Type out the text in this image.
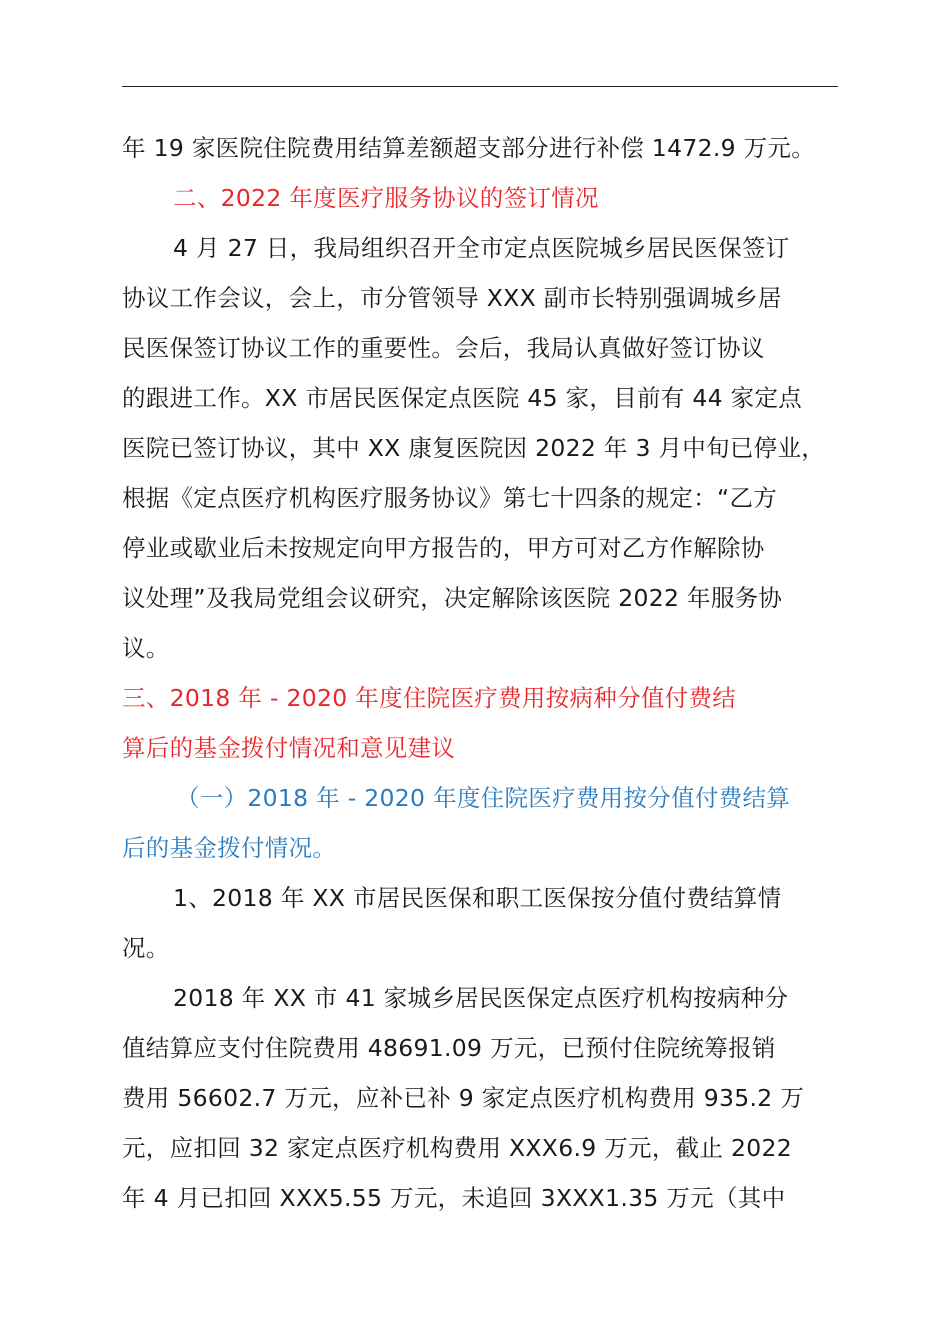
年 19 家医院住院费用结算差额超支部分进行补偿 1472.9 万元。
二、2022 年度医疗服务协议的签订情况
4 月 27 日，我局组织召开全市定点医院城乡居民医保签订
协议工作会议，会上，市分管领导 XXX 副市长特别强调城乡居
民医保签订协议工作的重要性。会后，我局认真做好签订协议
的跟进工作。XX 市居民医保定点医院 45 家，目前有 44 家定点
医院已签订协议，其中 XX 康复医院因 2022 年 3 月中旬已停业，
根据《定点医疗机构医疗服务协议》第七十四条的规定：“乙方
停业或歇业后未按规定向甲方报告的，甲方可对乙方作解除协
议处理”及我局党组会议研究，决定解除该医院 2022 年服务协
议。
三、2018 年 - 2020 年度住院医疗费用按病种分值付费结
算后的基金拨付情况和意见建议
（一）2018 年 - 2020 年度住院医疗费用按分值付费结算
后的基金拨付情况。
1、2018 年 XX 市居民医保和职工医保按分值付费结算情
况。
2018 年 XX 市 41 家城乡居民医保定点医疗机构按病种分
值结算应支付住院费用 48691.09 万元，已预付住院统筹报销
费用 56602.7 万元，应补已补 9 家定点医疗机构费用 935.2 万
元，应扣回 32 家定点医疗机构费用 XXX6.9 万元，截止 2022
年 4 月已扣回 XXX5.55 万元，未追回 3XXX1.35 万元（其中
